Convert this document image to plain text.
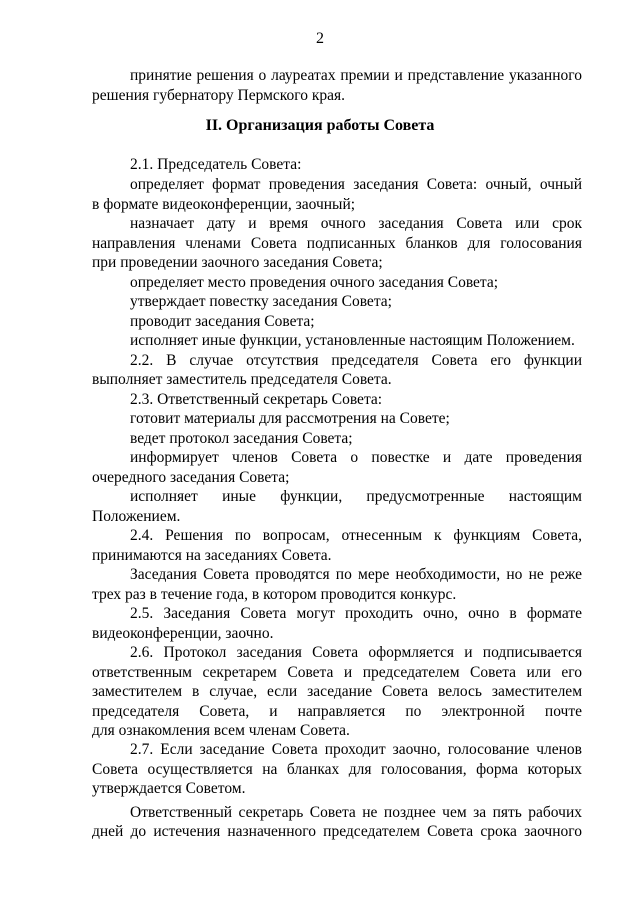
2
принятие решения о лауреатах премии и представление указанного
решения губернатору Пермского края.
II. Организация работы Совета
2.1. Председатель Совета:
определяет формат проведения заседания Совета: очный, очный
в формате видеоконференции, заочный;
назначает дату и время очного заседания Совета или срок
направления членами Совета подписанных бланков для голосования
при проведении заочного заседания Совета;
определяет место проведения очного заседания Совета;
утверждает повестку заседания Совета;
проводит заседания Совета;
исполняет иные функции, установленные настоящим Положением.
2.2. В случае отсутствия председателя Совета его функции
выполняет заместитель председателя Совета.
2.3. Ответственный секретарь Совета:
готовит материалы для рассмотрения на Совете;
ведет протокол заседания Совета;
информирует членов Совета о повестке и дате проведения
очередного заседания Совета;
исполняет иные функции, предусмотренные настоящим
Положением.
2.4. Решения по вопросам, отнесенным к функциям Совета,
принимаются на заседаниях Совета.
Заседания Совета проводятся по мере необходимости, но не реже
трех раз в течение года, в котором проводится конкурс.
2.5. Заседания Совета могут проходить очно, очно в формате
видеоконференции, заочно.
2.6. Протокол заседания Совета оформляется и подписывается
ответственным секретарем Совета и председателем Совета или его
заместителем в случае, если заседание Совета велось заместителем
председателя Совета, и направляется по электронной почте
для ознакомления всем членам Совета.
2.7. Если заседание Совета проходит заочно, голосование членов
Совета осуществляется на бланках для голосования, форма которых
утверждается Советом.
Ответственный секретарь Совета не позднее чем за пять рабочих
дней до истечения назначенного председателем Совета срока заочного
